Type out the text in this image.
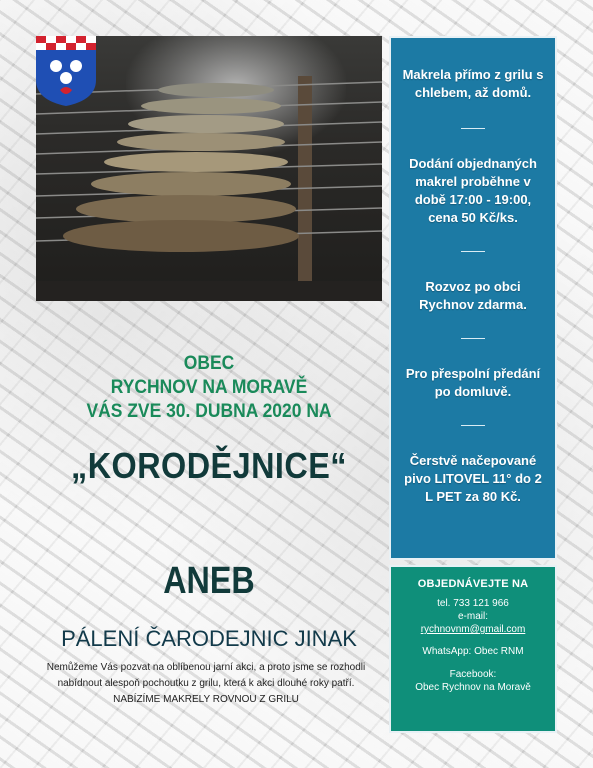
Makrela přímo z grilu s chlebem, až domů.
Dodání objednaných makrel proběhne v době 17:00 - 19:00, cena 50 Kč/ks.
Rozvoz po obci Rychnov zdarma.
Pro přespolní předání po domluvě.
Čerstvě načepované pivo LITOVEL 11° do 2 L PET za 80 Kč.
OBJEDNÁVEJTE NA
tel. 733 121 966
e-mail:
rychnovnm@gmail.com
WhatsApp: Obec RNM
Facebook:
Obec Rychnov na Moravě
OBEC
RYCHNOV NA MORAVĚ
VÁS ZVE 30. DUBNA 2020 NA
„KORODĚJNICE“
ANEB
PÁLENÍ ČARODEJNIC JINAK
Nemůžeme Vás pozvat na oblíbenou jarní akci, a proto jsme se rozhodli nabídnout alespoň pochoutku z grilu, která k akci dlouhé roky patří. NABÍZÍME MAKRELY ROVNOU Z GRILU
